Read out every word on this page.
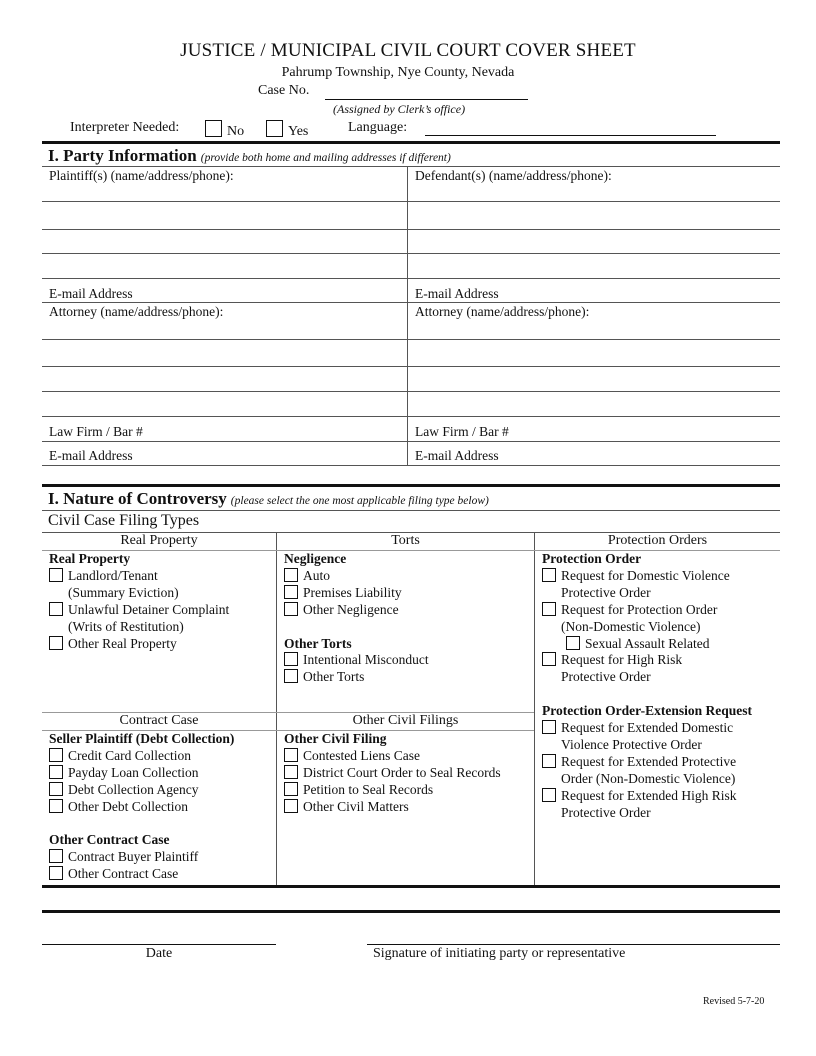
JUSTICE / MUNICIPAL CIVIL COURT COVER SHEET
Pahrump Township, Nye County, Nevada
Case No.
(Assigned by Clerk’s office)
Interpreter Needed:	No	Yes	Language:
I. Party Information (provide both home and mailing addresses if different)
Plaintiff(s) (name/address/phone):	Defendant(s) (name/address/phone):
E-mail Address	E-mail Address
Attorney (name/address/phone):	Attorney (name/address/phone):
Law Firm / Bar #	Law Firm / Bar #
E-mail Address	E-mail Address
I. Nature of Controversy (please select the one most applicable filing type below)
Civil Case Filing Types
Real Property	Torts	Protection Orders
Real Property
Landlord/Tenant
(Summary Eviction)
Unlawful Detainer Complaint
(Writs of Restitution)
Other Real Property
Negligence
Auto
Premises Liability
Other Negligence
Other Torts
Intentional Misconduct
Other Torts
Protection Order
Request for Domestic Violence
Protective Order
Request for Protection Order
(Non-Domestic Violence)
Sexual Assault Related
Request for High Risk
Protective Order
Protection Order-Extension Request
Request for Extended Domestic
Violence Protective Order
Request for Extended Protective
Order (Non-Domestic Violence)
Request for Extended High Risk
Protective Order
Contract Case	Other Civil Filings
Seller Plaintiff (Debt Collection)
Credit Card Collection
Payday Loan Collection
Debt Collection Agency
Other Debt Collection
Other Contract Case
Contract Buyer Plaintiff
Other Contract Case
Other Civil Filing
Contested Liens Case
District Court Order to Seal Records
Petition to Seal Records
Other Civil Matters
Date	Signature of initiating party or representative
Revised 5-7-20
